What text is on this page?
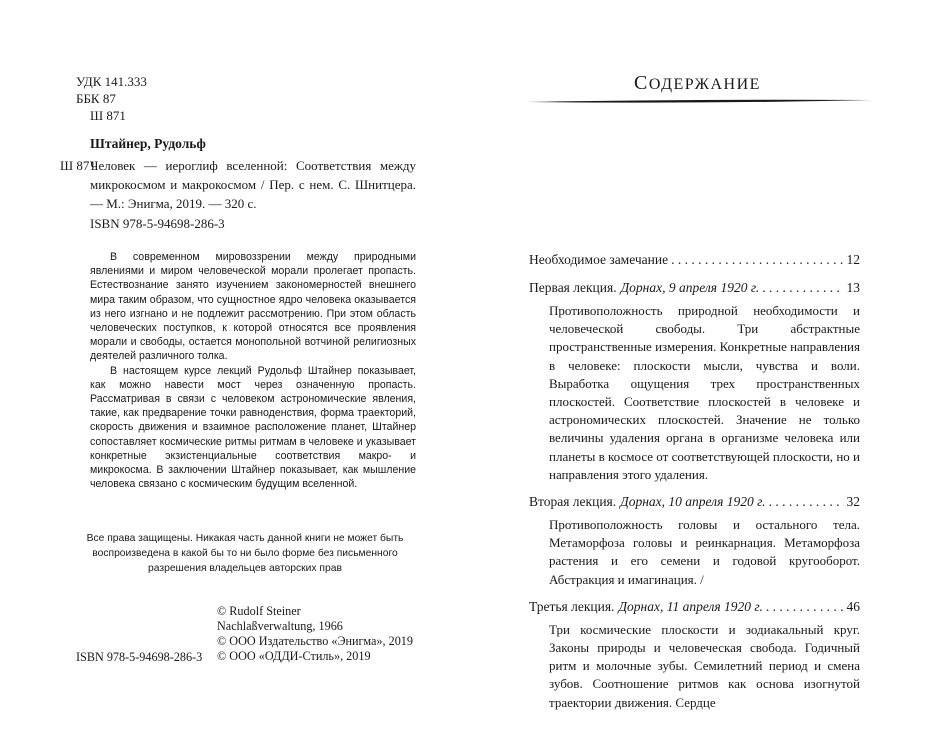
УДК 141.333
ББК 87
Ш 871
Штайнер, Рудольф
Ш 871
Человек — иероглиф вселенной: Соответствия между микрокосмом и макрокосмом / Пер. с нем. С. Шнитцера. — М.: Энигма, 2019. — 320 с.
ISBN 978-5-94698-286-3

В современном мировоззрении между природными явлениями и миром человеческой морали пролегает пропасть. Естествознание занято изучением закономерностей внешнего мира таким образом, что сущностное ядро человека оказывается из него изгнано и не подлежит рассмотрению. При этом область человеческих поступков, к которой относятся все проявления морали и свободы, остается монопольной вотчиной религиозных деятелей различного толка.

В настоящем курсе лекций Рудольф Штайнер показывает, как можно навести мост через означенную пропасть. Рассматривая в связи с человеком астрономические явления, такие, как предварение точки равноденствия, форма траекторий, скорость движения и взаимное расположение планет, Штайнер сопоставляет космические ритмы ритмам в человеке и указывает конкретные экзистенциальные соответствия макро- и микрокосма. В заключении Штайнер показывает, как мышление человека связано с космическим будущим вселенной.

Все права защищены. Никакая часть данной книги не может быть воспроизведена в какой бы то ни было форме без письменного разрешения владельцев авторских прав
© Rudolf Steiner
Nachlaßverwaltung, 1966
© ООО Издательство «Энигма», 2019
© ООО «ОДДИ-Стиль», 2019
ISBN 978-5-94698-286-3
СОДЕРЖАНИЕ
Необходимое замечание . . .	12
Первая лекция. Дорнах, 9 апреля 1920 г. . . .	13
Противоположность природной необходимости и человеческой свободы. Три абстрактные пространственные измерения. Конкретные направления в человеке: плоскости мысли, чувства и воли. Выработка ощущения трех пространственных плоскостей. Соответствие плоскостей в человеке и астрономических плоскостей. Значение не только величины удаления органа в организме человека или планеты в космосе от соответствующей плоскости, но и направления этого удаления.
Вторая лекция. Дорнах, 10 апреля 1920 г. . . .	32
Противоположность головы и остального тела. Метаморфоза головы и реинкарнация. Метаморфоза растения и его семени и годовой кругооборот. Абстракция и имагинация. /
Третья лекция. Дорнах, 11 апреля 1920 г. . . .	46
Три космические плоскости и зодиакальный круг. Законы природы и человеческая свобода. Годичный ритм и молочные зубы. Семилетний период и смена зубов. Соотношение ритмов как основа изогнутой траектории движения. Сердце
